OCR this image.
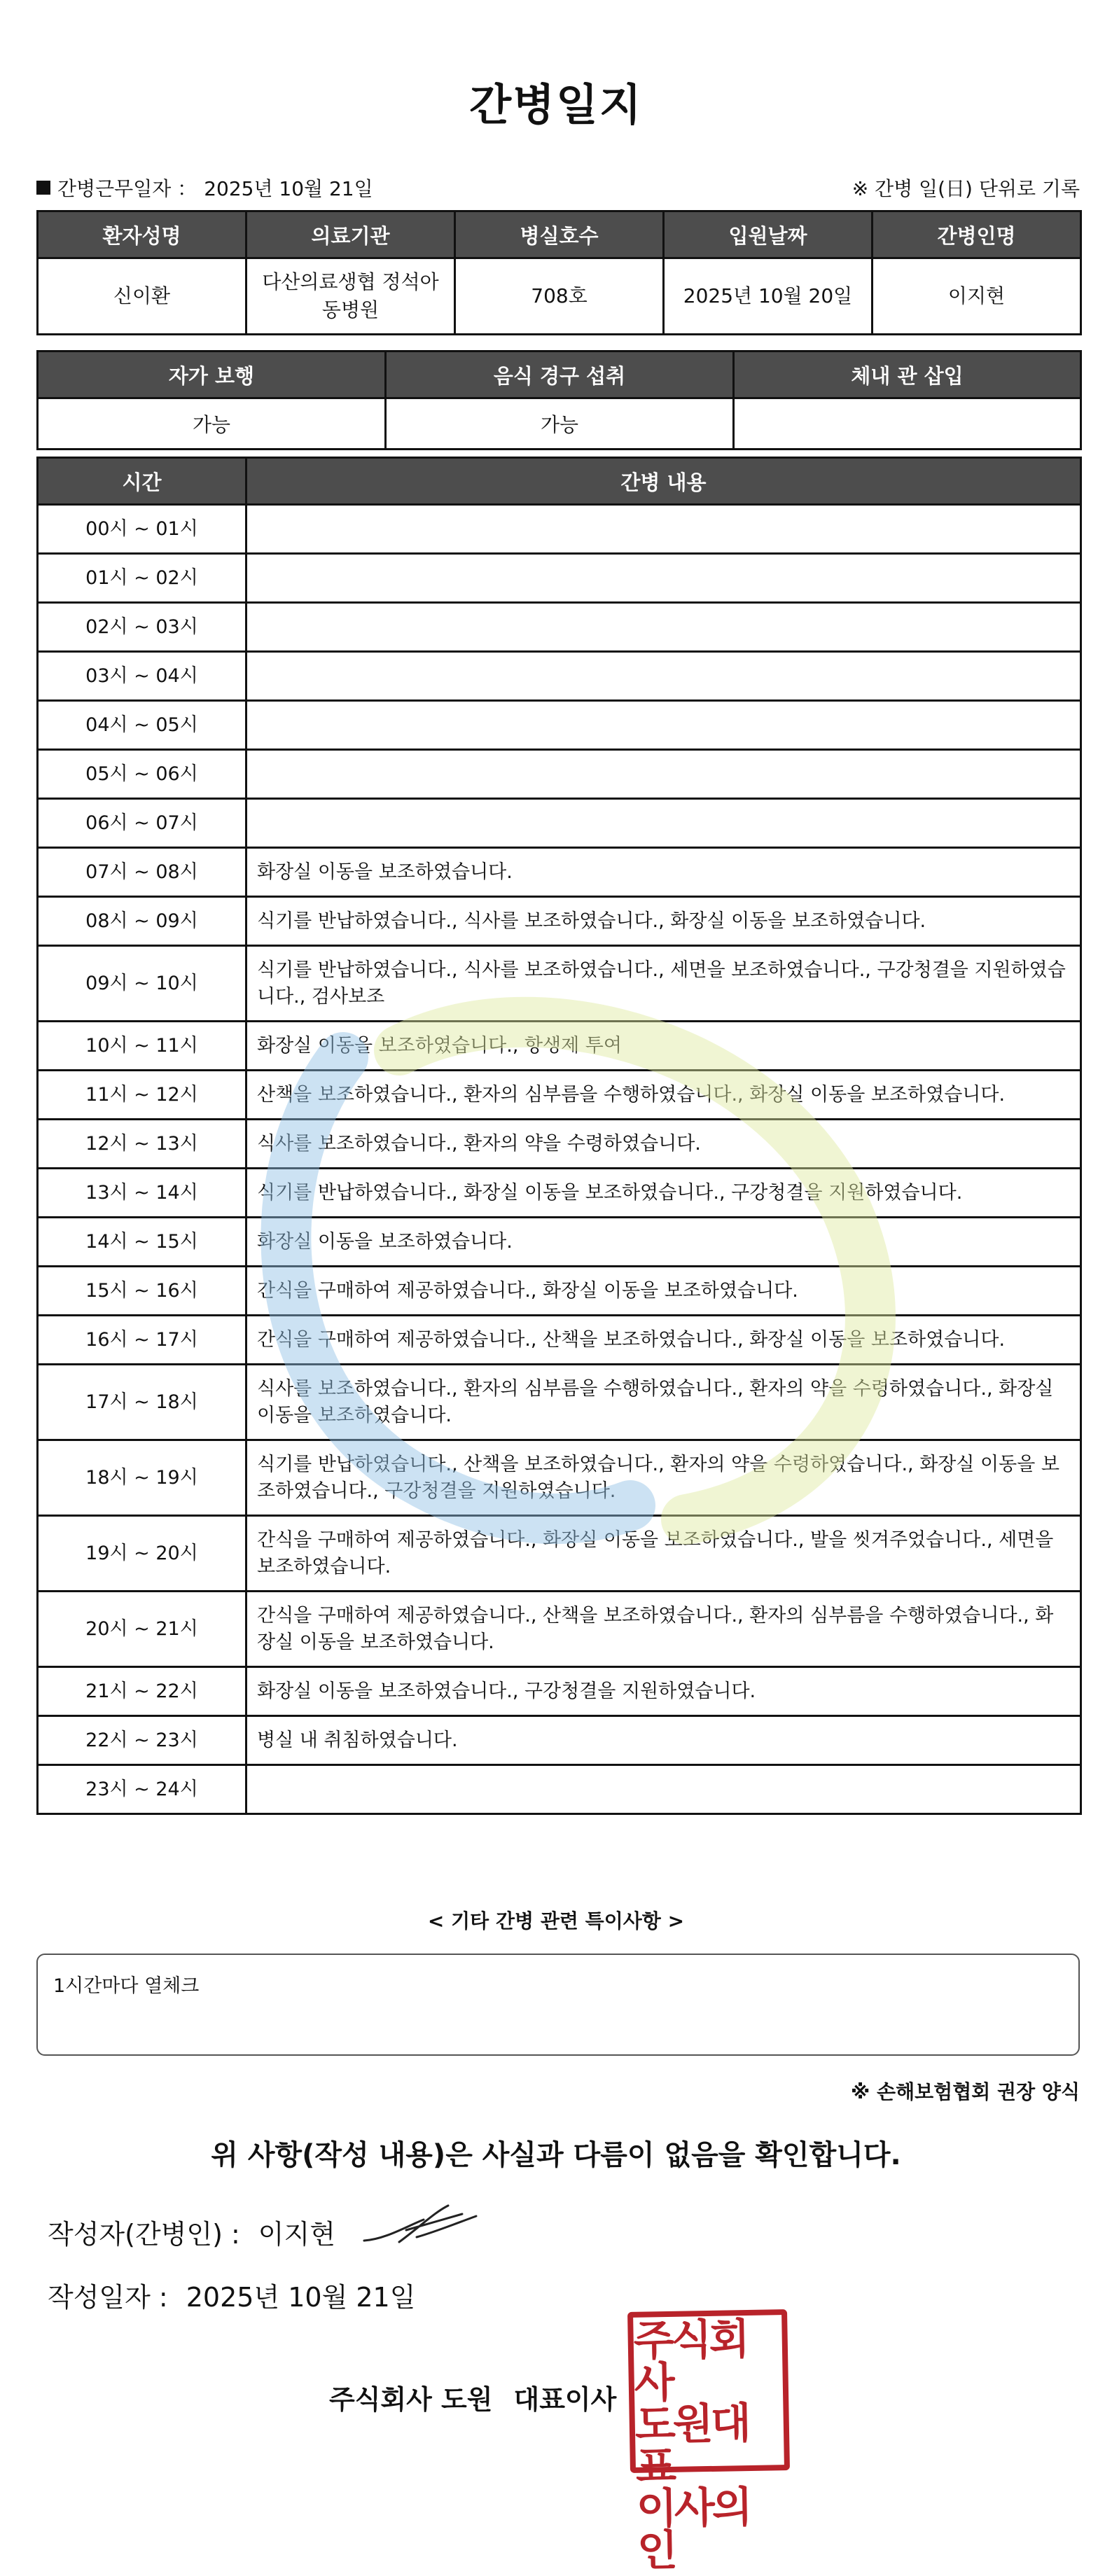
간병일지
간병근무일자 ： 2025년 10월 21일	※ 간병 일(日) 단위로 기록
환자성명	의료기관	병실호수	입원날짜	간병인명
신이환	다산의료생협 정석아동병원	708호	2025년 10월 20일	이지현
자가 보행	음식 경구 섭취	체내 관 삽입
가능	가능	
시간	간병 내용
00시 ~ 01시	
01시 ~ 02시	
02시 ~ 03시	
03시 ~ 04시	
04시 ~ 05시	
05시 ~ 06시	
06시 ~ 07시	
07시 ~ 08시	화장실 이동을 보조하였습니다.
08시 ~ 09시	식기를 반납하였습니다., 식사를 보조하였습니다., 화장실 이동을 보조하였습니다.
09시 ~ 10시	식기를 반납하였습니다., 식사를 보조하였습니다., 세면을 보조하였습니다., 구강청결을 지원하였습니다., 검사보조
10시 ~ 11시	화장실 이동을 보조하였습니다., 항생제 투여
11시 ~ 12시	산책을 보조하였습니다., 환자의 심부름을 수행하였습니다., 화장실 이동을 보조하였습니다.
12시 ~ 13시	식사를 보조하였습니다., 환자의 약을 수령하였습니다.
13시 ~ 14시	식기를 반납하였습니다., 화장실 이동을 보조하였습니다., 구강청결을 지원하였습니다.
14시 ~ 15시	화장실 이동을 보조하였습니다.
15시 ~ 16시	간식을 구매하여 제공하였습니다., 화장실 이동을 보조하였습니다.
16시 ~ 17시	간식을 구매하여 제공하였습니다., 산책을 보조하였습니다., 화장실 이동을 보조하였습니다.
17시 ~ 18시	식사를 보조하였습니다., 환자의 심부름을 수행하였습니다., 환자의 약을 수령하였습니다., 화장실 이동을 보조하였습니다.
18시 ~ 19시	식기를 반납하였습니다., 산책을 보조하였습니다., 환자의 약을 수령하였습니다., 화장실 이동을 보조하였습니다., 구강청결을 지원하였습니다.
19시 ~ 20시	간식을 구매하여 제공하였습니다., 화장실 이동을 보조하였습니다., 발을 씻겨주었습니다., 세면을 보조하였습니다.
20시 ~ 21시	간식을 구매하여 제공하였습니다., 산책을 보조하였습니다., 환자의 심부름을 수행하였습니다., 화장실 이동을 보조하였습니다.
21시 ~ 22시	화장실 이동을 보조하였습니다., 구강청결을 지원하였습니다.
22시 ~ 23시	병실 내 취침하였습니다.
23시 ~ 24시	
< 기타 간병 관련 특이사항 >
1시간마다 열체크
※ 손해보험협회 권장 양식
위 사항(작성 내용)은 사실과 다름이 없음을 확인합니다.
작성자(간병인) : 이지현
작성일자 : 2025년 10월 21일
주식회사 도원 대표이사
주식회사
도원대표
이사의인
